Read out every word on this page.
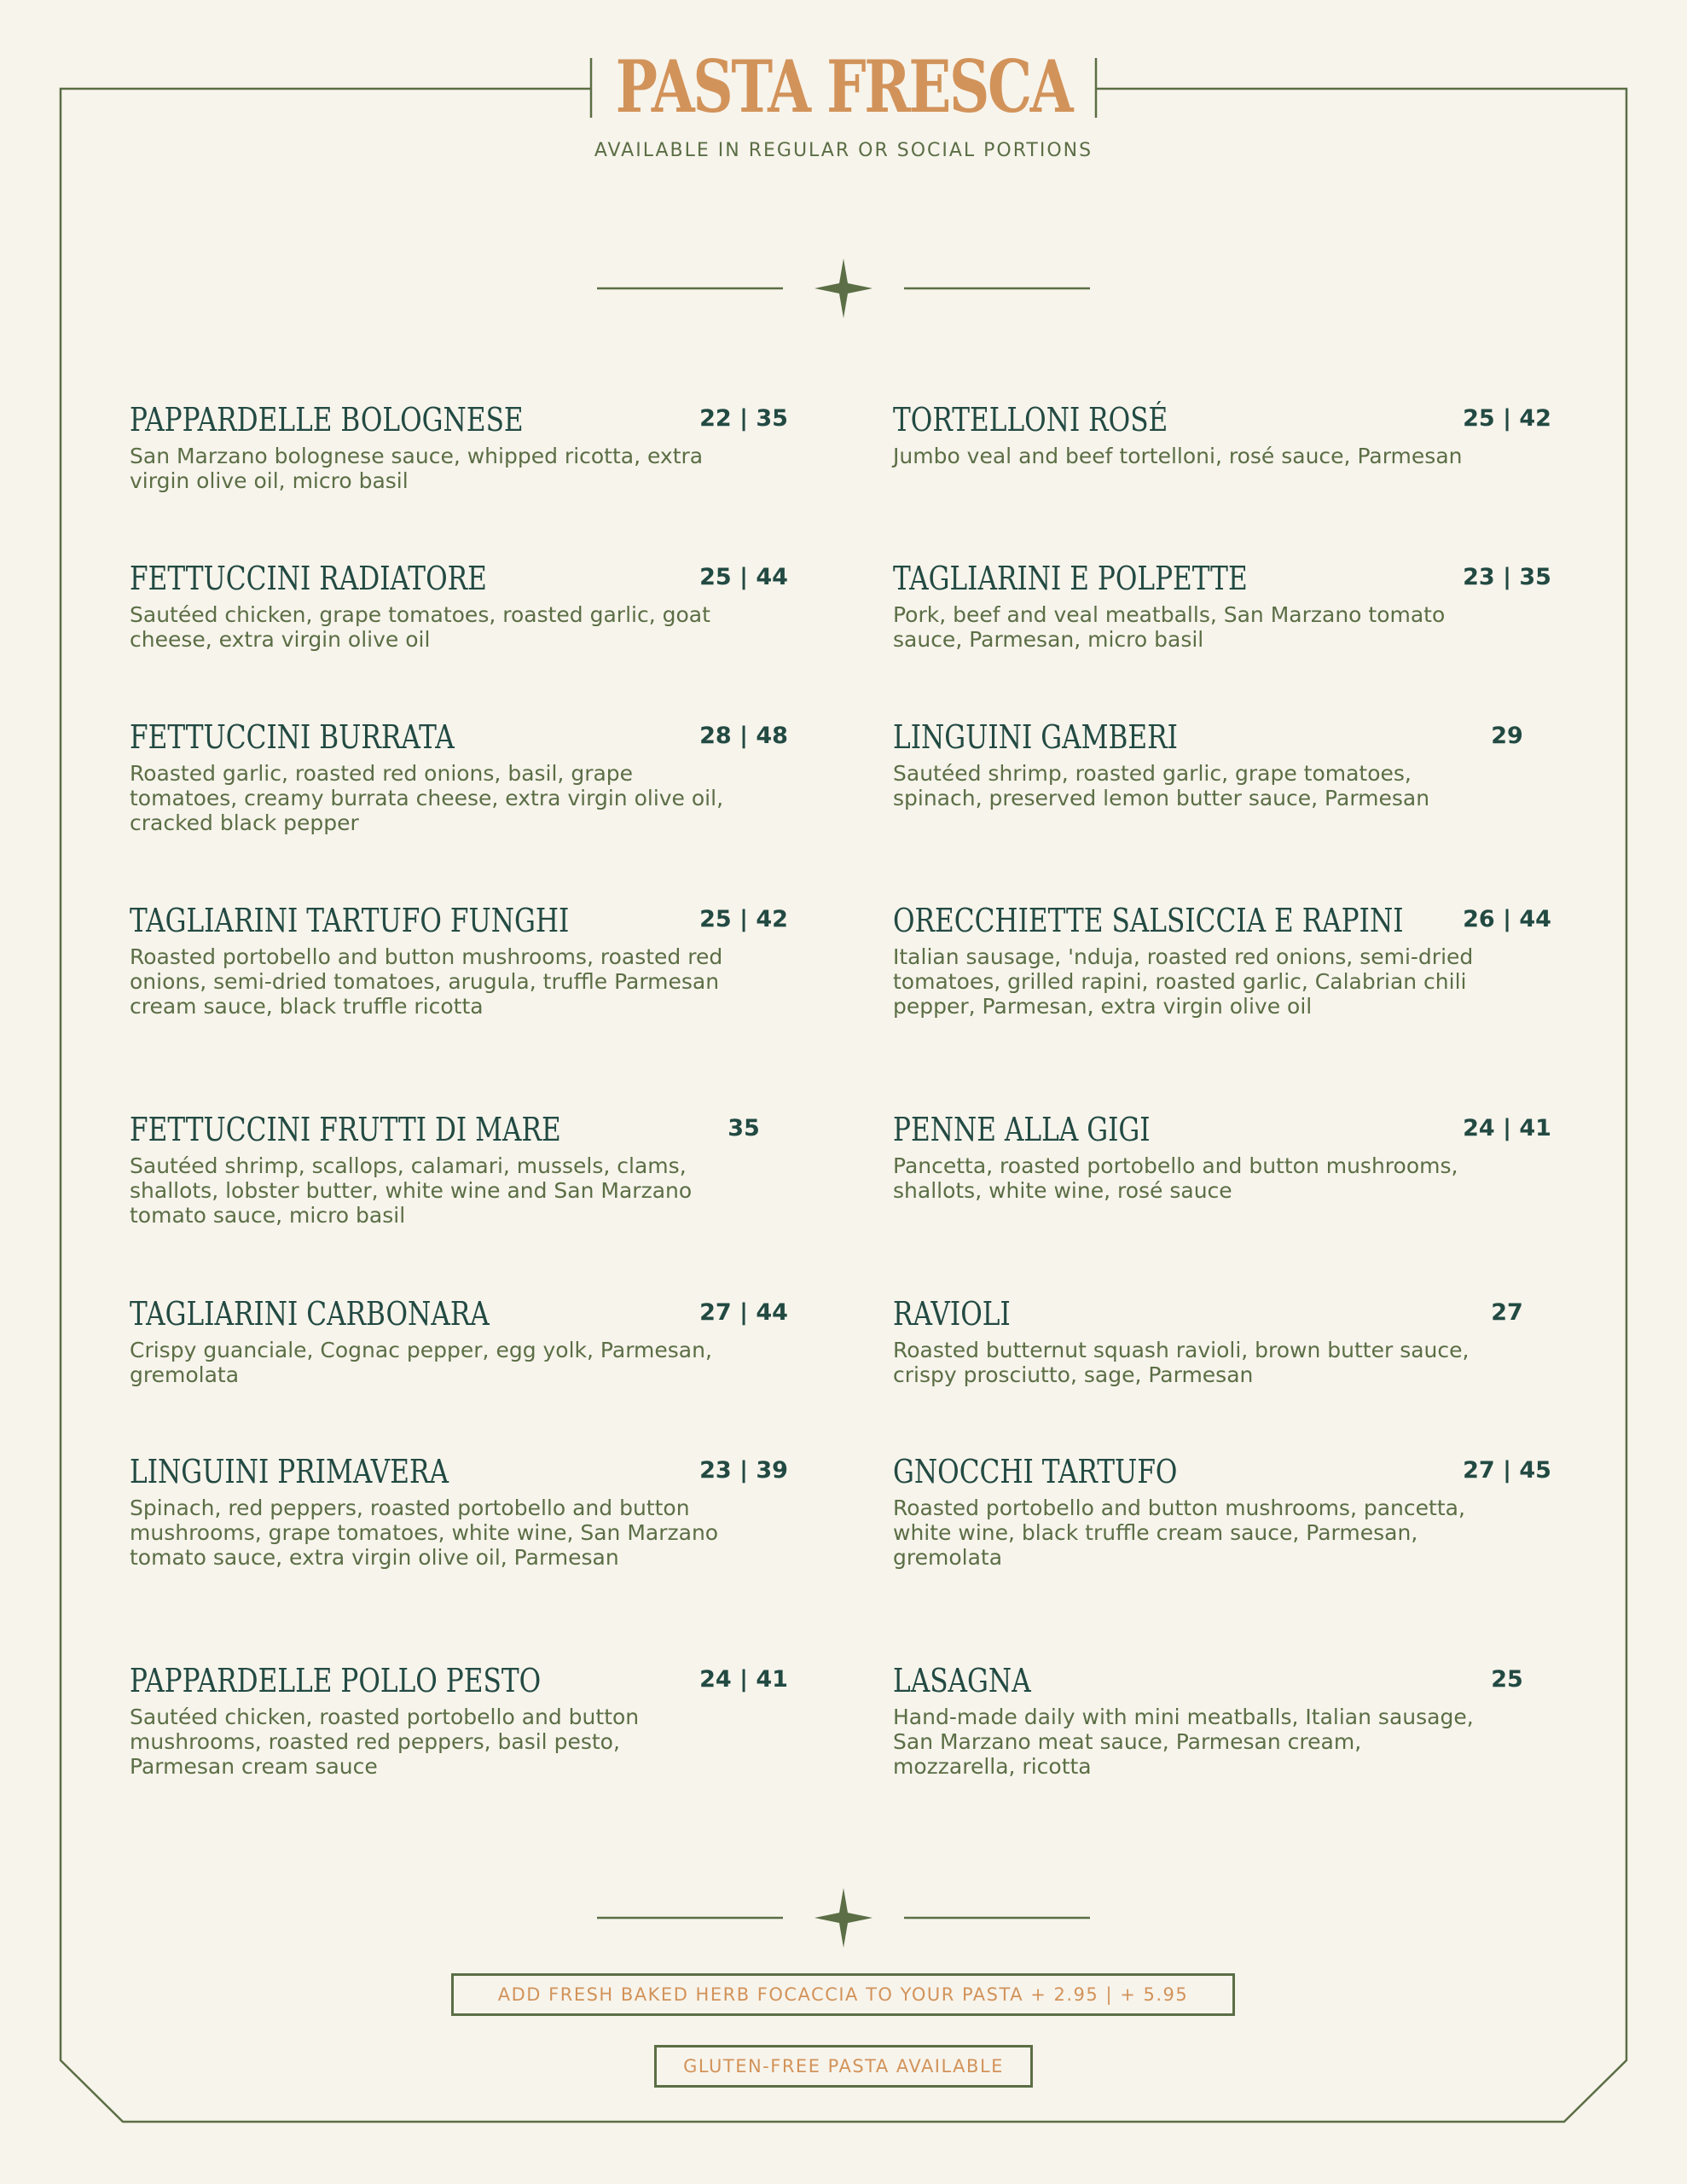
PASTA FRESCA
AVAILABLE IN REGULAR OR SOCIAL PORTIONS
PAPPARDELLE BOLOGNESE	22 | 35
San Marzano bolognese sauce, whipped ricotta, extra virgin olive oil, micro basil
FETTUCCINI RADIATORE	25 | 44
Sautéed chicken, grape tomatoes, roasted garlic, goat cheese, extra virgin olive oil
FETTUCCINI BURRATA	28 | 48
Roasted garlic, roasted red onions, basil, grape tomatoes, creamy burrata cheese, extra virgin olive oil, cracked black pepper
TAGLIARINI TARTUFO FUNGHI	25 | 42
Roasted portobello and button mushrooms, roasted red onions, semi-dried tomatoes, arugula, truffle Parmesan cream sauce, black truffle ricotta
FETTUCCINI FRUTTI DI MARE	35
Sautéed shrimp, scallops, calamari, mussels, clams, shallots, lobster butter, white wine and San Marzano tomato sauce, micro basil
TAGLIARINI CARBONARA	27 | 44
Crispy guanciale, Cognac pepper, egg yolk, Parmesan, gremolata
LINGUINI PRIMAVERA	23 | 39
Spinach, red peppers, roasted portobello and button mushrooms, grape tomatoes, white wine, San Marzano tomato sauce, extra virgin olive oil, Parmesan
PAPPARDELLE POLLO PESTO	24 | 41
Sautéed chicken, roasted portobello and button mushrooms, roasted red peppers, basil pesto, Parmesan cream sauce
TORTELLONI ROSÉ	25 | 42
Jumbo veal and beef tortelloni, rosé sauce, Parmesan
TAGLIARINI E POLPETTE	23 | 35
Pork, beef and veal meatballs, San Marzano tomato sauce, Parmesan, micro basil
LINGUINI GAMBERI	29
Sautéed shrimp, roasted garlic, grape tomatoes, spinach, preserved lemon butter sauce, Parmesan
ORECCHIETTE SALSICCIA E RAPINI	26 | 44
Italian sausage, 'nduja, roasted red onions, semi-dried tomatoes, grilled rapini, roasted garlic, Calabrian chili pepper, Parmesan, extra virgin olive oil
PENNE ALLA GIGI	24 | 41
Pancetta, roasted portobello and button mushrooms, shallots, white wine, rosé sauce
RAVIOLI	27
Roasted butternut squash ravioli, brown butter sauce, crispy prosciutto, sage, Parmesan
GNOCCHI TARTUFO	27 | 45
Roasted portobello and button mushrooms, pancetta, white wine, black truffle cream sauce, Parmesan, gremolata
LASAGNA	25
Hand-made daily with mini meatballs, Italian sausage, San Marzano meat sauce, Parmesan cream, mozzarella, ricotta
ADD FRESH BAKED HERB FOCACCIA TO YOUR PASTA + 2.95 | + 5.95
GLUTEN-FREE PASTA AVAILABLE
